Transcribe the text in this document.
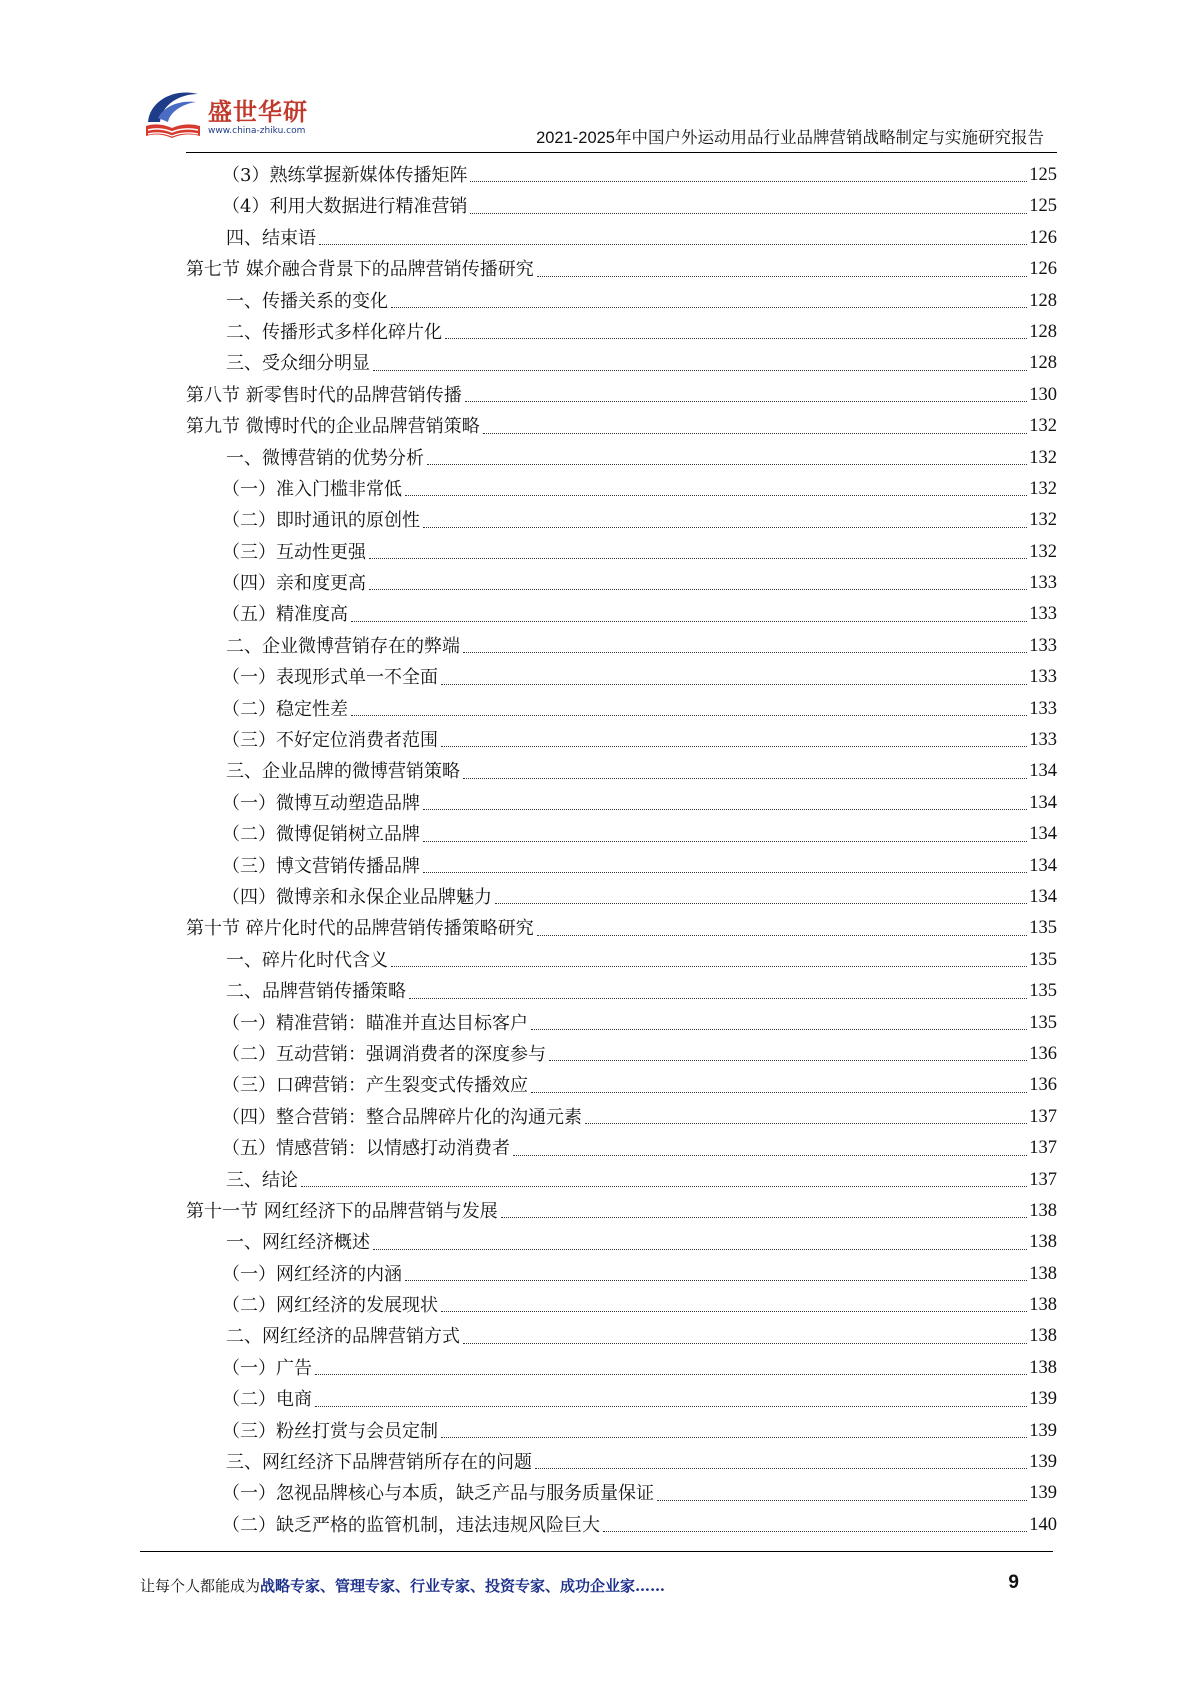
盛世华研
www.china-zhiku.com	2021-2025年中国户外运动用品行业品牌营销战略制定与实施研究报告
（3）熟练掌握新媒体传播矩阵	125
（4）利用大数据进行精准营销	125
四、结束语	126
第七节 媒介融合背景下的品牌营销传播研究	126
一、传播关系的变化	128
二、传播形式多样化碎片化	128
三、受众细分明显	128
第八节 新零售时代的品牌营销传播	130
第九节 微博时代的企业品牌营销策略	132
一、微博营销的优势分析	132
（一）准入门槛非常低	132
（二）即时通讯的原创性	132
（三）互动性更强	132
（四）亲和度更高	133
（五）精准度高	133
二、企业微博营销存在的弊端	133
（一）表现形式单一不全面	133
（二）稳定性差	133
（三）不好定位消费者范围	133
三、企业品牌的微博营销策略	134
（一）微博互动塑造品牌	134
（二）微博促销树立品牌	134
（三）博文营销传播品牌	134
（四）微博亲和永保企业品牌魅力	134
第十节 碎片化时代的品牌营销传播策略研究	135
一、碎片化时代含义	135
二、品牌营销传播策略	135
（一）精准营销：瞄准并直达目标客户	135
（二）互动营销：强调消费者的深度参与	136
（三）口碑营销：产生裂变式传播效应	136
（四）整合营销：整合品牌碎片化的沟通元素	137
（五）情感营销：以情感打动消费者	137
三、结论	137
第十一节 网红经济下的品牌营销与发展	138
一、网红经济概述	138
（一）网红经济的内涵	138
（二）网红经济的发展现状	138
二、网红经济的品牌营销方式	138
（一）广告	138
（二）电商	139
（三）粉丝打赏与会员定制	139
三、网红经济下品牌营销所存在的问题	139
（一）忽视品牌核心与本质，缺乏产品与服务质量保证	139
（二）缺乏严格的监管机制，违法违规风险巨大	140
让每个人都能成为战略专家、管理专家、行业专家、投资专家、成功企业家……	9
